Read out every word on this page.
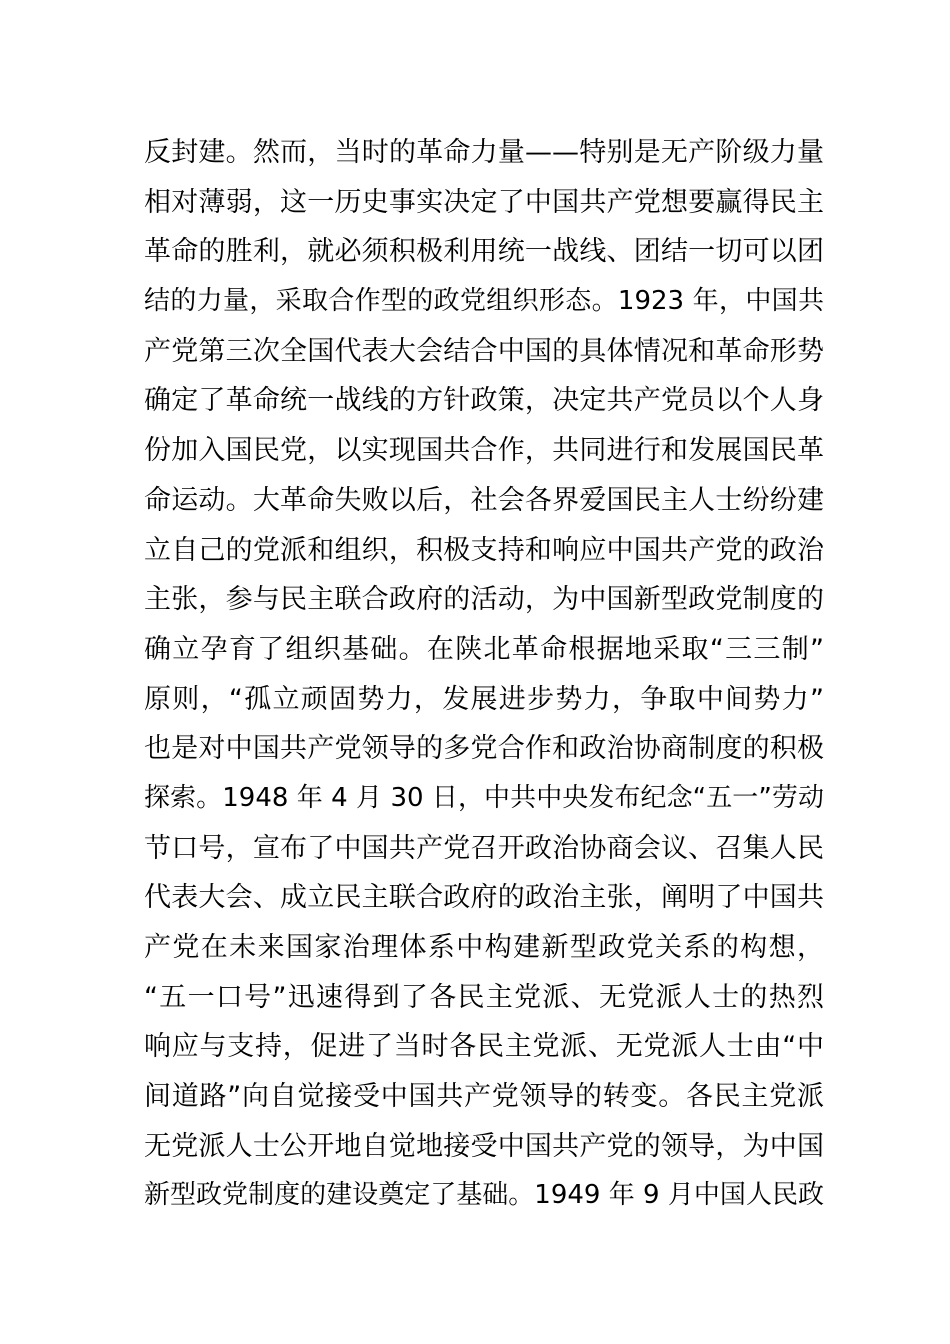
反封建。然而，当时的革命力量——特别是无产阶级力量
相对薄弱，这一历史事实决定了中国共产党想要赢得民主
革命的胜利，就必须积极利用统一战线、团结一切可以团
结的力量，采取合作型的政党组织形态。1923 年，中国共
产党第三次全国代表大会结合中国的具体情况和革命形势
确定了革命统一战线的方针政策，决定共产党员以个人身
份加入国民党，以实现国共合作，共同进行和发展国民革
命运动。大革命失败以后，社会各界爱国民主人士纷纷建
立自己的党派和组织，积极支持和响应中国共产党的政治
主张，参与民主联合政府的活动，为中国新型政党制度的
确立孕育了组织基础。在陕北革命根据地采取“三三制”
原则，“孤立顽固势力，发展进步势力，争取中间势力”
也是对中国共产党领导的多党合作和政治协商制度的积极
探索。1948 年 4 月 30 日，中共中央发布纪念“五一”劳动
节口号，宣布了中国共产党召开政治协商会议、召集人民
代表大会、成立民主联合政府的政治主张，阐明了中国共
产党在未来国家治理体系中构建新型政党关系的构想，
“五一口号”迅速得到了各民主党派、无党派人士的热烈
响应与支持，促进了当时各民主党派、无党派人士由“中
间道路”向自觉接受中国共产党领导的转变。各民主党派
无党派人士公开地自觉地接受中国共产党的领导，为中国
新型政党制度的建设奠定了基础。1949 年 9 月中国人民政
